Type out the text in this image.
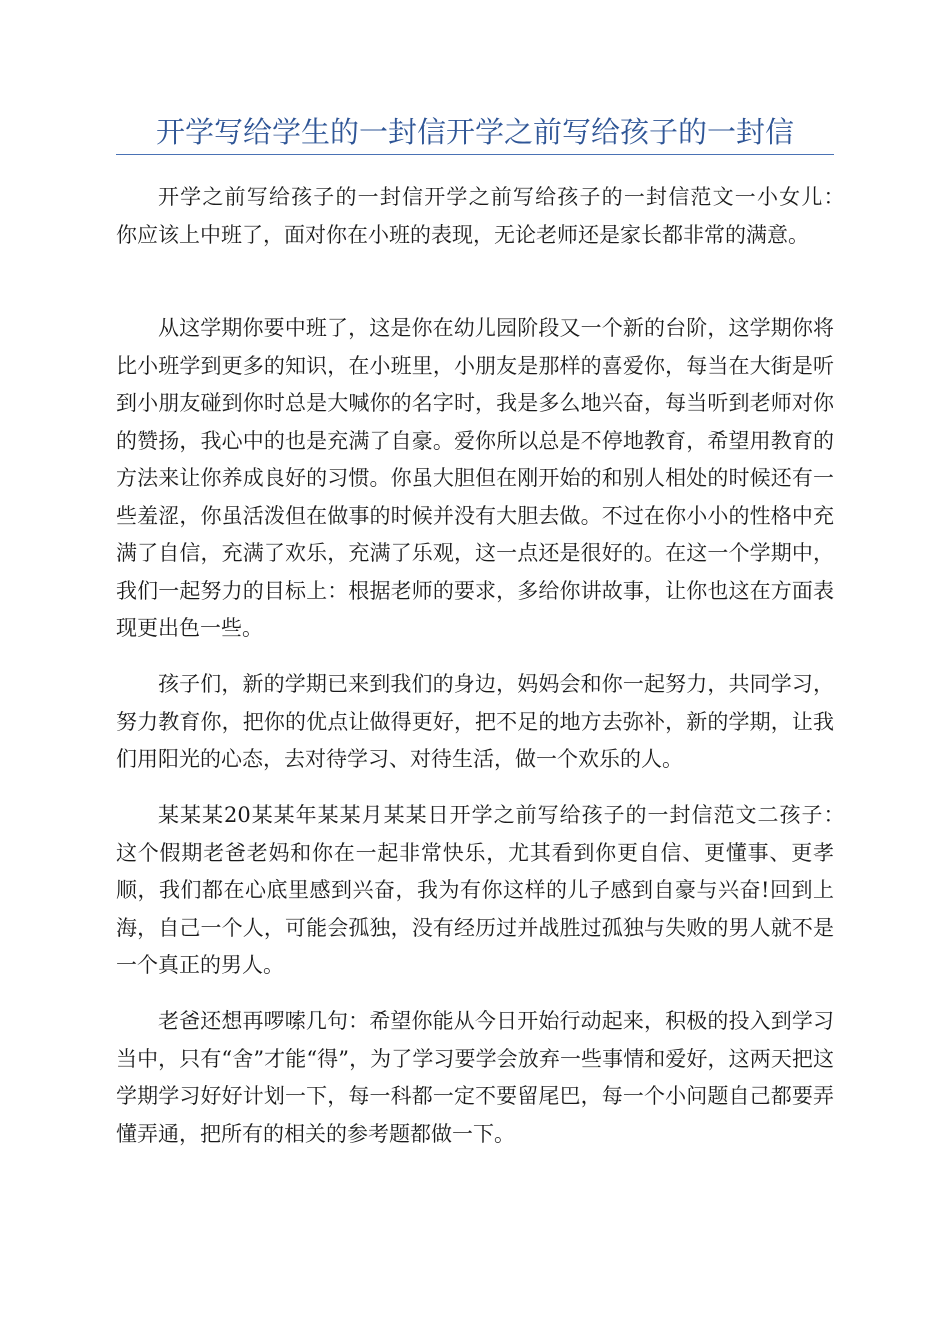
开学写给学生的一封信开学之前写给孩子的一封信

开学之前写给孩子的一封信开学之前写给孩子的一封信范文一小女儿：　 你应该上中班了，面对你在小班的表现，无论老师还是家长都非常的满意。

从这学期你要中班了，这是你在幼儿园阶段又一个新的台阶，这学期你将比小班学到更多的知识，在小班里，小朋友是那样的喜爱你，每当在大街是听到小朋友碰到你时总是大喊你的名字时，我是多么地兴奋，每当听到老师对你的赞扬，我心中的也是充满了自豪。爱你所以总是不停地教育，希望用教育的方法来让你养成良好的习惯。你虽大胆但在刚开始的和别人相处的时候还有一些羞涩，你虽活泼但在做事的时候并没有大胆去做。不过在你小小的性格中充满了自信，充满了欢乐，充满了乐观，这一点还是很好的。在这一个学期中，我们一起努力的目标上：根据老师的要求，多给你讲故事，让你也这在方面表现更出色一些。

孩子们，新的学期已来到我们的身边，妈妈会和你一起努力，共同学习，努力教育你，把你的优点让做得更好，把不足的地方去弥补，新的学期，让我们用阳光的心态，去对待学习、对待生活，做一个欢乐的人。

某某某20某某年某某月某某日开学之前写给孩子的一封信范文二孩子：　 这个假期老爸老妈和你在一起非常快乐，尤其看到你更自信、更懂事、更孝顺，我们都在心底里感到兴奋，我为有你这样的儿子感到自豪与兴奋!回到上海，自己一个人，可能会孤独，没有经历过并战胜过孤独与失败的男人就不是一个真正的男人。

老爸还想再啰嗦几句：希望你能从今日开始行动起来，积极的投入到学习当中，只有“舍”才能“得”，为了学习要学会放弃一些事情和爱好，这两天把这学期学习好好计划一下，每一科都一定不要留尾巴，每一个小问题自己都要弄懂弄通，把所有的相关的参考题都做一下。
